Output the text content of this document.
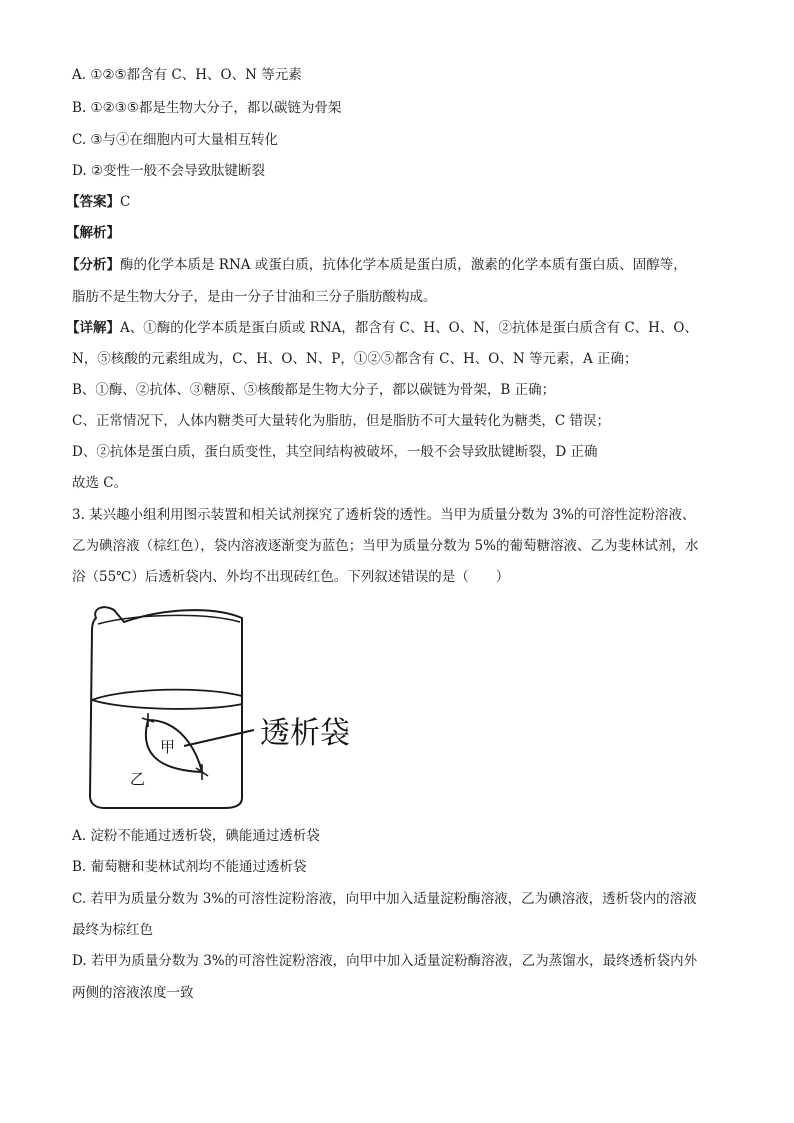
A. ①②⑤都含有 C、H、O、N 等元素
B. ①②③⑤都是生物大分子，都以碳链为骨架
C. ③与④在细胞内可大量相互转化
D. ②变性一般不会导致肽键断裂
【答案】C
【解析】
【分析】酶的化学本质是 RNA 或蛋白质，抗体化学本质是蛋白质，激素的化学本质有蛋白质、固醇等，
脂肪不是生物大分子，是由一分子甘油和三分子脂肪酸构成。
【详解】A、①酶的化学本质是蛋白质或 RNA，都含有 C、H、O、N，②抗体是蛋白质含有 C、H、O、
N，⑤核酸的元素组成为，C、H、O、N、P，①②⑤都含有 C、H、O、N 等元素，A 正确；
B、①酶、②抗体、③糖原、⑤核酸都是生物大分子，都以碳链为骨架，B 正确；
C、正常情况下，人体内糖类可大量转化为脂肪，但是脂肪不可大量转化为糖类，C 错误；
D、②抗体是蛋白质，蛋白质变性，其空间结构被破坏，一般不会导致肽键断裂，D 正确
故选 C。
3. 某兴趣小组利用图示装置和相关试剂探究了透析袋的透性。当甲为质量分数为 3%的可溶性淀粉溶液、
乙为碘溶液（棕红色），袋内溶液逐渐变为蓝色；当甲为质量分数为 5%的葡萄糖溶液、乙为斐林试剂，水
浴（55℃）后透析袋内、外均不出现砖红色。下列叙述错误的是（　　）
透析袋
甲
乙
A. 淀粉不能通过透析袋，碘能通过透析袋
B. 葡萄糖和斐林试剂均不能通过透析袋
C. 若甲为质量分数为 3%的可溶性淀粉溶液，向甲中加入适量淀粉酶溶液，乙为碘溶液，透析袋内的溶液
最终为棕红色
D. 若甲为质量分数为 3%的可溶性淀粉溶液，向甲中加入适量淀粉酶溶液，乙为蒸馏水，最终透析袋内外
两侧的溶液浓度一致
